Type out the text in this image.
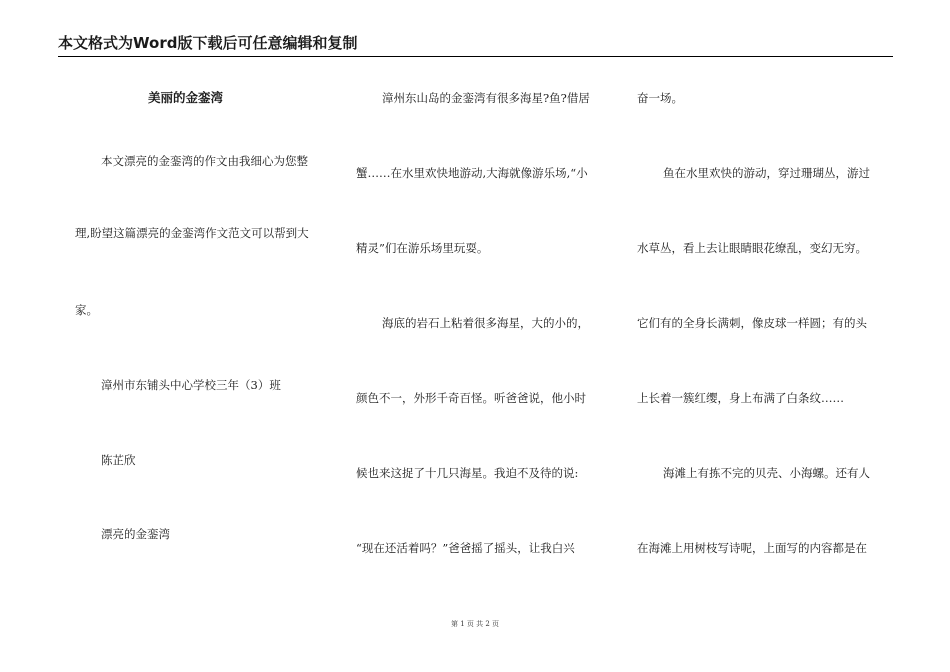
本文格式为Word版下载后可任意编辑和复制
美丽的金銮湾
本文漂亮的金銮湾的作文由我细心为您整
理,盼望这篇漂亮的金銮湾作文范文可以帮到大
家。
漳州市东铺头中心学校三年（3）班
陈芷欣
漂亮的金銮湾
漳州东山岛的金銮湾有很多海星?鱼?借居
蟹……在水里欢快地游动,大海就像游乐场,“小
精灵”们在游乐场里玩耍。
海底的岩石上粘着很多海星，大的小的，
颜色不一，外形千奇百怪。听爸爸说，他小时
候也来这捉了十几只海星。我迫不及待的说:
“现在还活着吗？”爸爸摇了摇头，让我白兴
奋一场。
鱼在水里欢快的游动，穿过珊瑚丛，游过
水草丛，看上去让眼睛眼花缭乱，变幻无穷。
它们有的全身长满刺，像皮球一样圆；有的头
上长着一簇红缨，身上布满了白条纹……
海滩上有拣不完的贝壳、小海螺。还有人
在海滩上用树枝写诗呢，上面写的内容都是在
第 1 页 共 2 页
